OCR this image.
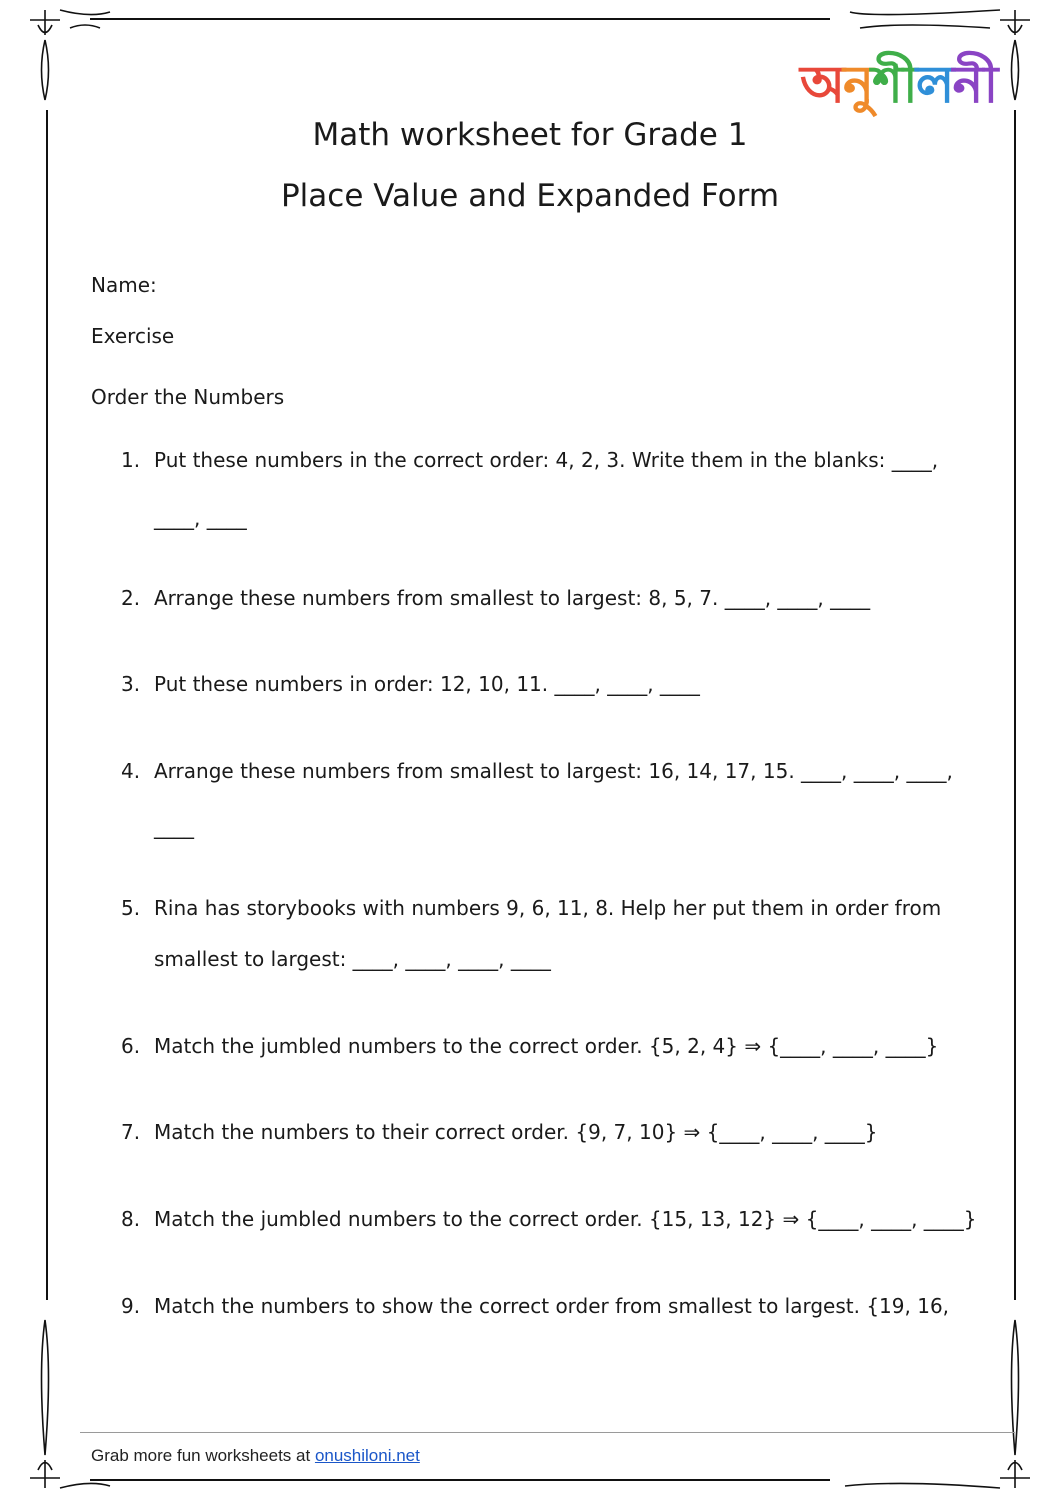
অনুশীলনী
Math worksheet for Grade 1
Place Value and Expanded Form
Name:
Exercise
Order the Numbers
1. Put these numbers in the correct order: 4, 2, 3. Write them in the blanks: ____,
____, ____
2. Arrange these numbers from smallest to largest: 8, 5, 7. ____, ____, ____
3. Put these numbers in order: 12, 10, 11. ____, ____, ____
4. Arrange these numbers from smallest to largest: 16, 14, 17, 15. ____, ____, ____,
____
5. Rina has storybooks with numbers 9, 6, 11, 8. Help her put them in order from
smallest to largest: ____, ____, ____, ____
6. Match the jumbled numbers to the correct order. {5, 2, 4} ⇒ {____, ____, ____}
7. Match the numbers to their correct order. {9, 7, 10} ⇒ {____, ____, ____}
8. Match the jumbled numbers to the correct order. {15, 13, 12} ⇒ {____, ____, ____}
9. Match the numbers to show the correct order from smallest to largest. {19, 16,
Grab more fun worksheets at onushiloni.net
